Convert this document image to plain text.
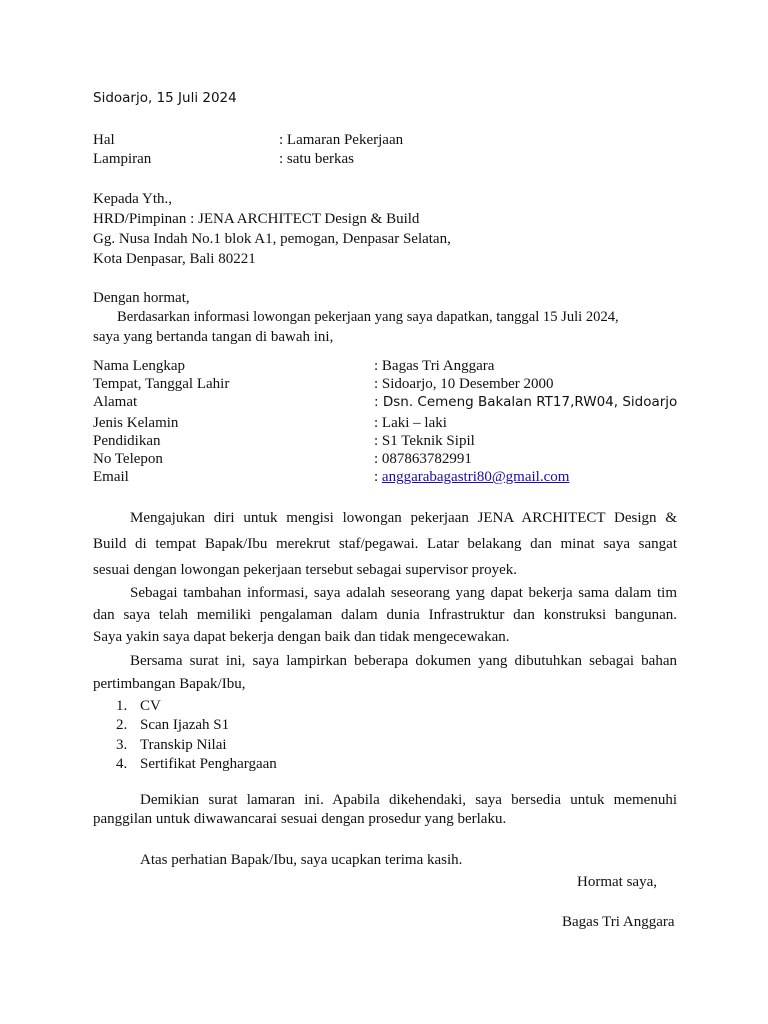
Sidoarjo, 15 Juli 2024
Hal	: Lamaran Pekerjaan
Lampiran	: satu berkas
Kepada Yth.,
HRD/Pimpinan : JENA ARCHITECT Design & Build
Gg. Nusa Indah No.1 blok A1, pemogan, Denpasar Selatan,
Kota Denpasar, Bali 80221
Dengan hormat,
Berdasarkan informasi lowongan pekerjaan yang saya dapatkan, tanggal 15 Juli 2024,
saya yang bertanda tangan di bawah ini,
Nama Lengkap	: Bagas Tri Anggara
Tempat, Tanggal Lahir	: Sidoarjo, 10 Desember 2000
Alamat	: Dsn. Cemeng Bakalan RT17,RW04, Sidoarjo
Jenis Kelamin	: Laki – laki
Pendidikan	: S1 Teknik Sipil
No Telepon	: 087863782991
Email	: anggarabagastri80@gmail.com
Mengajukan diri untuk mengisi lowongan pekerjaan JENA ARCHITECT Design &
Build di tempat Bapak/Ibu merekrut staf/pegawai. Latar belakang dan minat saya sangat
sesuai dengan lowongan pekerjaan tersebut sebagai supervisor proyek.
Sebagai tambahan informasi, saya adalah seseorang yang dapat bekerja sama dalam tim
dan saya telah memiliki pengalaman dalam dunia Infrastruktur dan konstruksi bangunan.
Saya yakin saya dapat bekerja dengan baik dan tidak mengecewakan.
Bersama surat ini, saya lampirkan beberapa dokumen yang dibutuhkan sebagai bahan
pertimbangan Bapak/Ibu,
1. CV
2. Scan Ijazah S1
3. Transkip Nilai
4. Sertifikat Penghargaan
Demikian surat lamaran ini. Apabila dikehendaki, saya bersedia untuk memenuhi
panggilan untuk diwawancarai sesuai dengan prosedur yang berlaku.
Atas perhatian Bapak/Ibu, saya ucapkan terima kasih.
Hormat saya,
Bagas Tri Anggara
